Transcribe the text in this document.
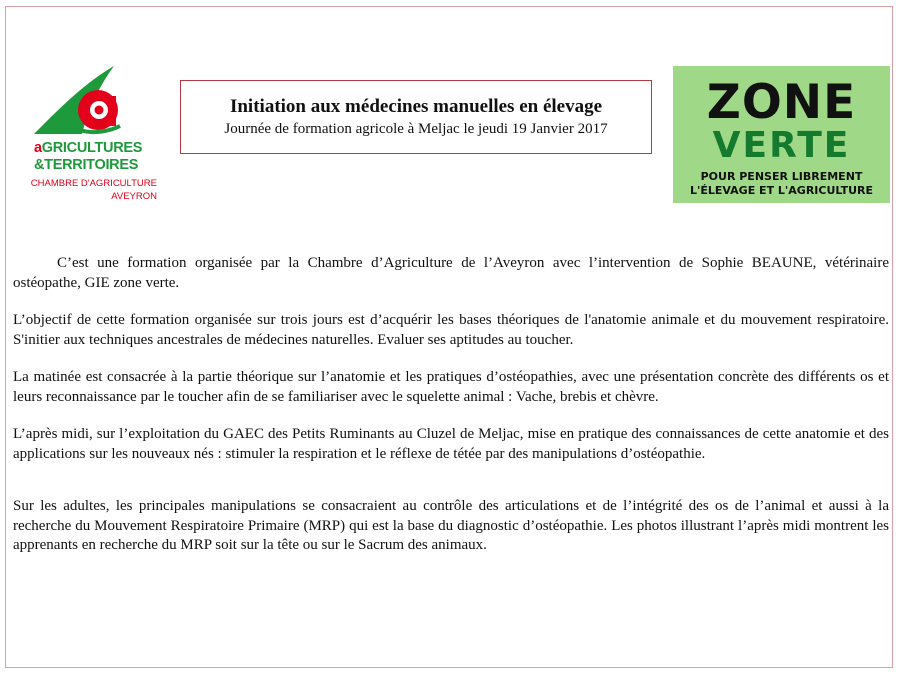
aGRICULTURES
&TERRITOIRES
CHAMBRE D'AGRICULTURE
AVEYRON
Initiation aux médecines manuelles en élevage
Journée de formation agricole à Meljac le jeudi 19 Janvier 2017	ZONE
VERTE
POUR PENSER LIBREMENT
L'ÉLEVAGE ET L'AGRICULTURE

C’est une formation organisée par la Chambre d’Agriculture de l’Aveyron avec l’intervention de Sophie BEAUNE, vétérinaire ostéopathe, GIE zone verte.

L’objectif de cette formation organisée sur trois jours est d’acquérir les bases théoriques de l'anatomie animale et du mouvement respiratoire. S'initier aux techniques ancestrales de médecines naturelles. Evaluer ses aptitudes au toucher.

La matinée est consacrée à la partie théorique sur l’anatomie et les pratiques d’ostéopathies, avec une présentation concrète des différents os et leurs reconnaissance par le toucher afin de se familiariser avec le squelette animal : Vache, brebis et chèvre.

L’après midi, sur l’exploitation du GAEC des Petits Ruminants au Cluzel de Meljac, mise en pratique des connaissances de cette anatomie et des applications sur les nouveaux nés : stimuler la respiration et le réflexe de tétée par des manipulations d’ostéopathie.

Sur les adultes, les principales manipulations se consacraient au contrôle des articulations et de l’intégrité des os de l’animal et aussi à la recherche du Mouvement Respiratoire Primaire (MRP) qui est la base du diagnostic d’ostéopathie. Les photos illustrant l’après midi montrent les apprenants en recherche du MRP soit sur la tête ou sur le Sacrum des animaux.
